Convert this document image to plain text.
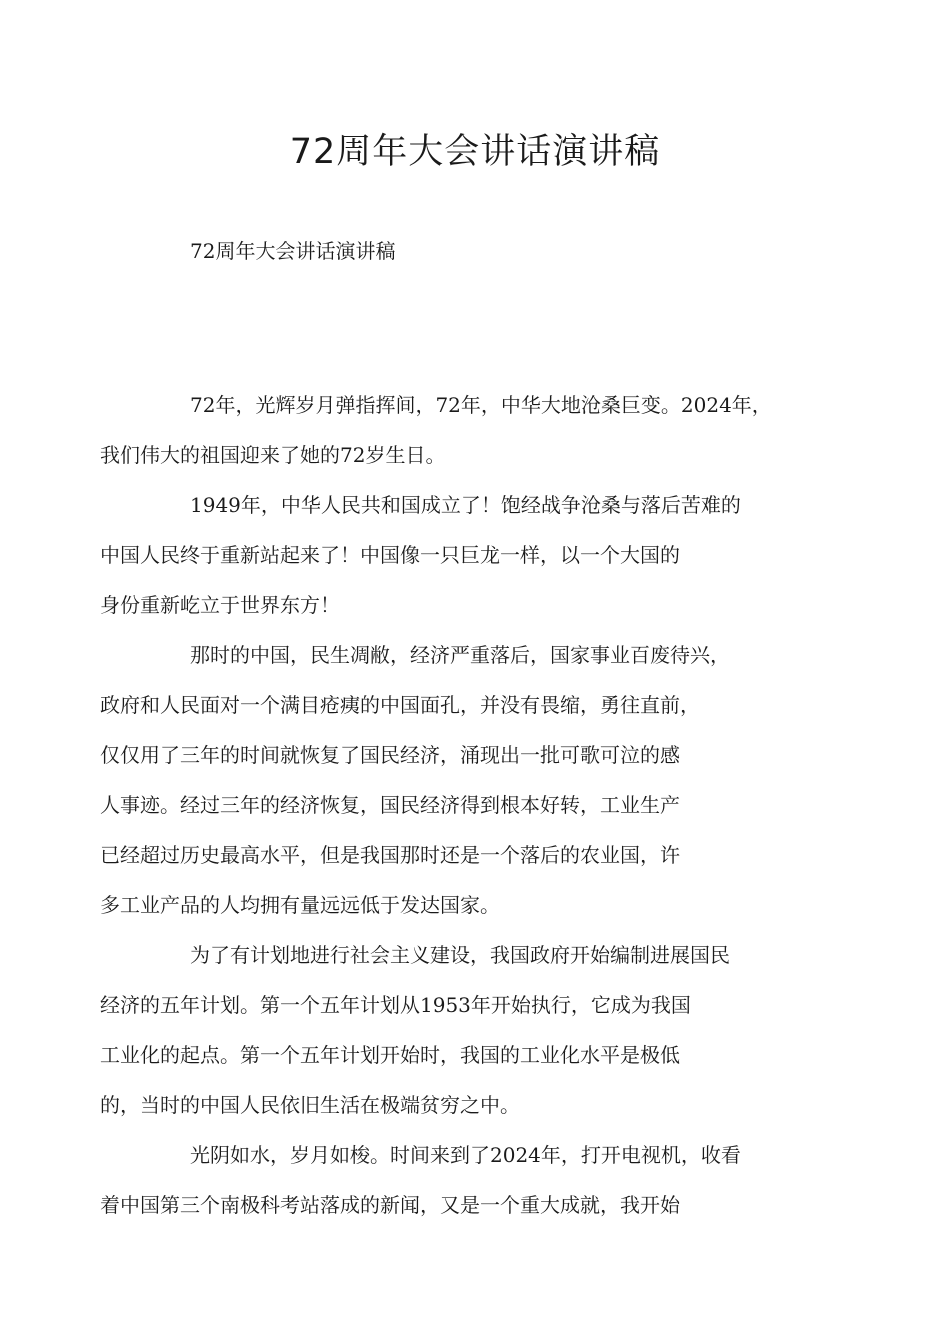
72周年大会讲话演讲稿

72周年大会讲话演讲稿

72年，光辉岁月弹指挥间，72年，中华大地沧桑巨变。2024年，
我们伟大的祖国迎来了她的72岁生日。

1949年，中华人民共和国成立了！饱经战争沧桑与落后苦难的
中国人民终于重新站起来了！中国像一只巨龙一样，以一个大国的
身份重新屹立于世界东方！

那时的中国，民生凋敝，经济严重落后，国家事业百废待兴，
政府和人民面对一个满目疮痍的中国面孔，并没有畏缩，勇往直前，
仅仅用了三年的时间就恢复了国民经济，涌现出一批可歌可泣的感
人事迹。经过三年的经济恢复，国民经济得到根本好转，工业生产
已经超过历史最高水平，但是我国那时还是一个落后的农业国，许
多工业产品的人均拥有量远远低于发达国家。

为了有计划地进行社会主义建设，我国政府开始编制进展国民
经济的五年计划。第一个五年计划从1953年开始执行，它成为我国
工业化的起点。第一个五年计划开始时，我国的工业化水平是极低
的，当时的中国人民依旧生活在极端贫穷之中。

光阴如水，岁月如梭。时间来到了2024年，打开电视机，收看
着中国第三个南极科考站落成的新闻，又是一个重大成就，我开始
